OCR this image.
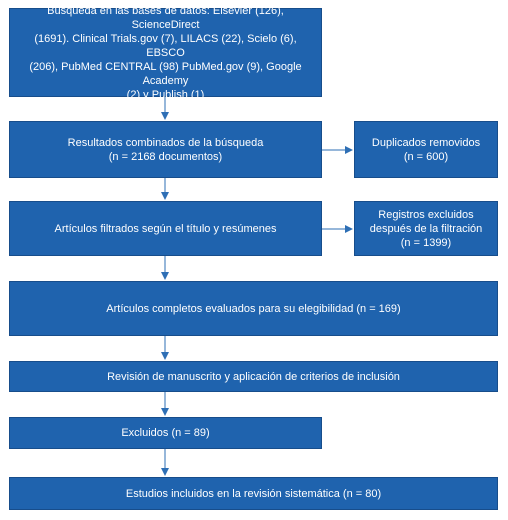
Búsqueda en las bases de datos: Elsevier (126), ScienceDirect
(1691). Clinical Trials.gov (7), LILACS (22), Scielo (6), EBSCO
(206), PubMed CENTRAL (98) PubMed.gov (9), Google Academy
(2) y Publish (1)
Resultados combinados de la búsqueda
(n = 2168 documentos)
Duplicados removidos
(n = 600)
Artículos filtrados según el título y resúmenes
Registros excluidos
después de la filtración
(n = 1399)
Artículos completos evaluados para su elegibilidad (n = 169)
Revisión de manuscrito y aplicación de criterios de inclusión
Excluidos (n = 89)
Estudios incluidos en la revisión sistemática (n = 80)
